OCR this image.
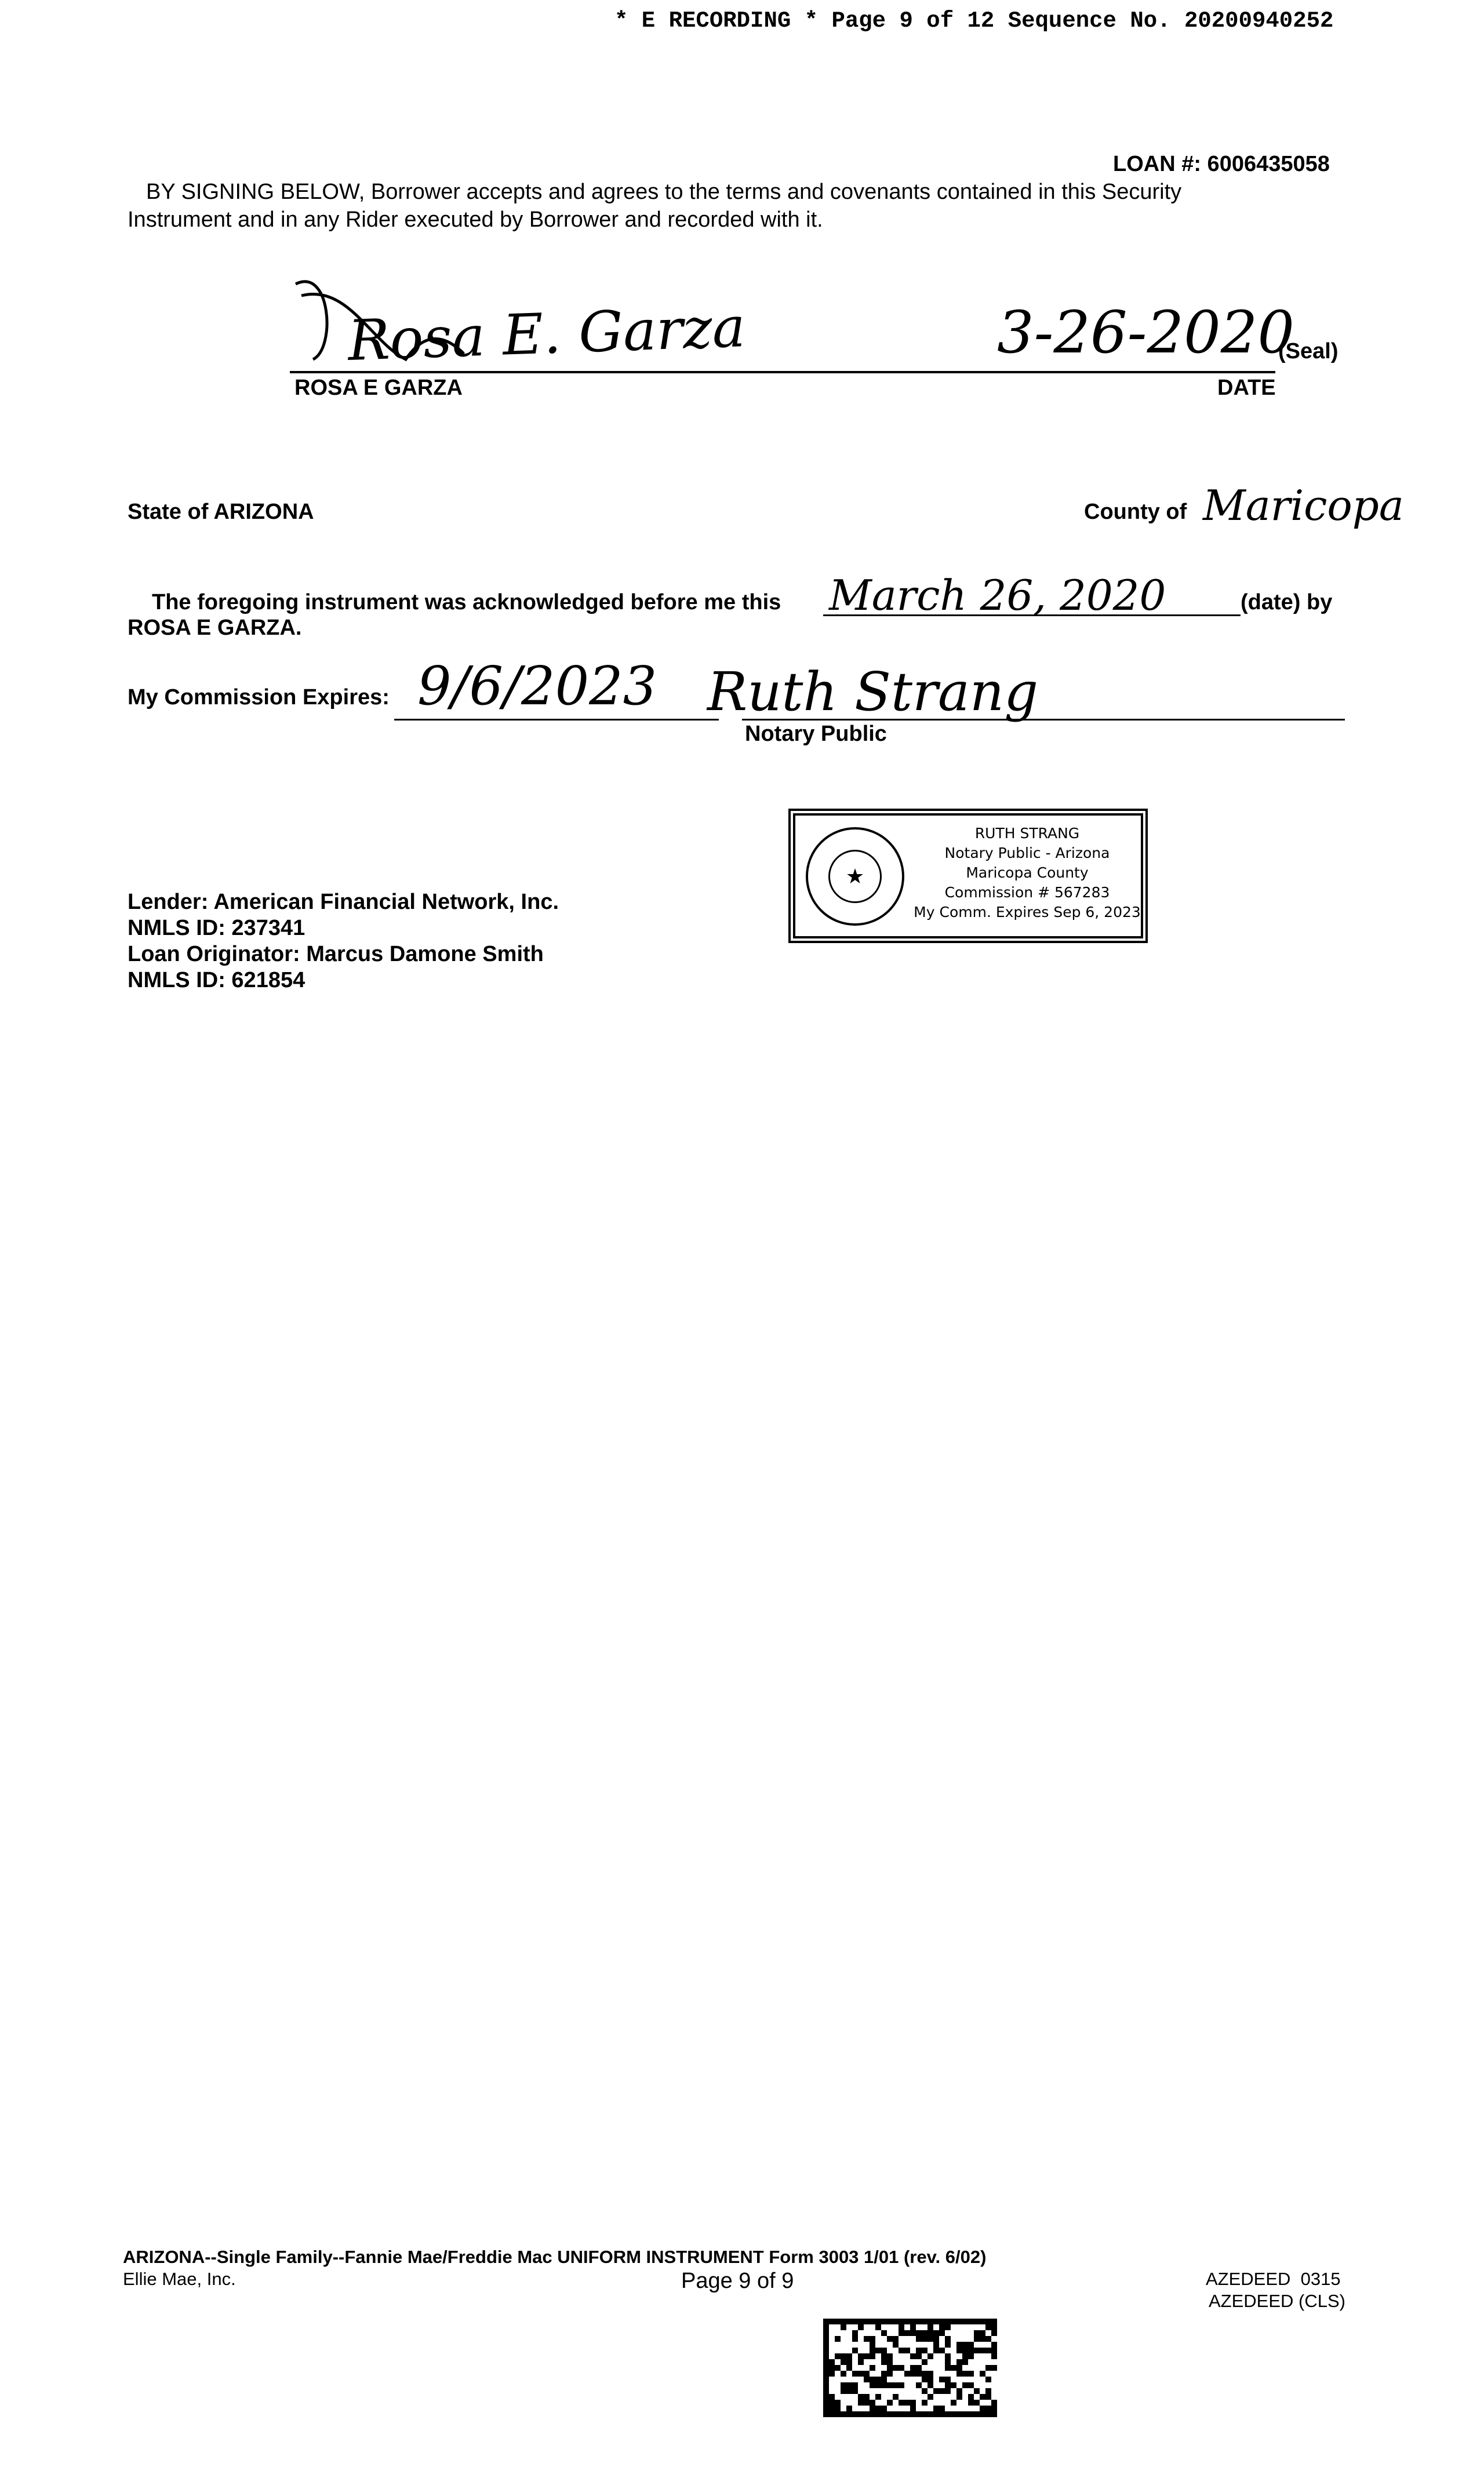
* E RECORDING * Page 9 of 12 Sequence No. 20200940252
LOAN #: 6006435058
BY SIGNING BELOW, Borrower accepts and agrees to the terms and covenants contained in this Security
Instrument and in any Rider executed by Borrower and recorded with it.
Rosa E. Garza	3-26-2020
(Seal)
ROSA E GARZA	DATE
State of ARIZONA	County of Maricopa
The foregoing instrument was acknowledged before me this March 26, 2020	(date) by
ROSA E GARZA.
My Commission Expires: 9/6/2023 Ruth Strang
Notary Public
★
RUTH STRANG
Notary Public - Arizona
Maricopa County
Commission # 567283
My Comm. Expires Sep 6, 2023
Lender: American Financial Network, Inc.
NMLS ID: 237341
Loan Originator: Marcus Damone Smith
NMLS ID: 621854
ARIZONA--Single Family--Fannie Mae/Freddie Mac UNIFORM INSTRUMENT Form 3003 1/01 (rev. 6/02)
Ellie Mae, Inc.	Page 9 of 9	AZEDEED  0315
AZEDEED (CLS)
